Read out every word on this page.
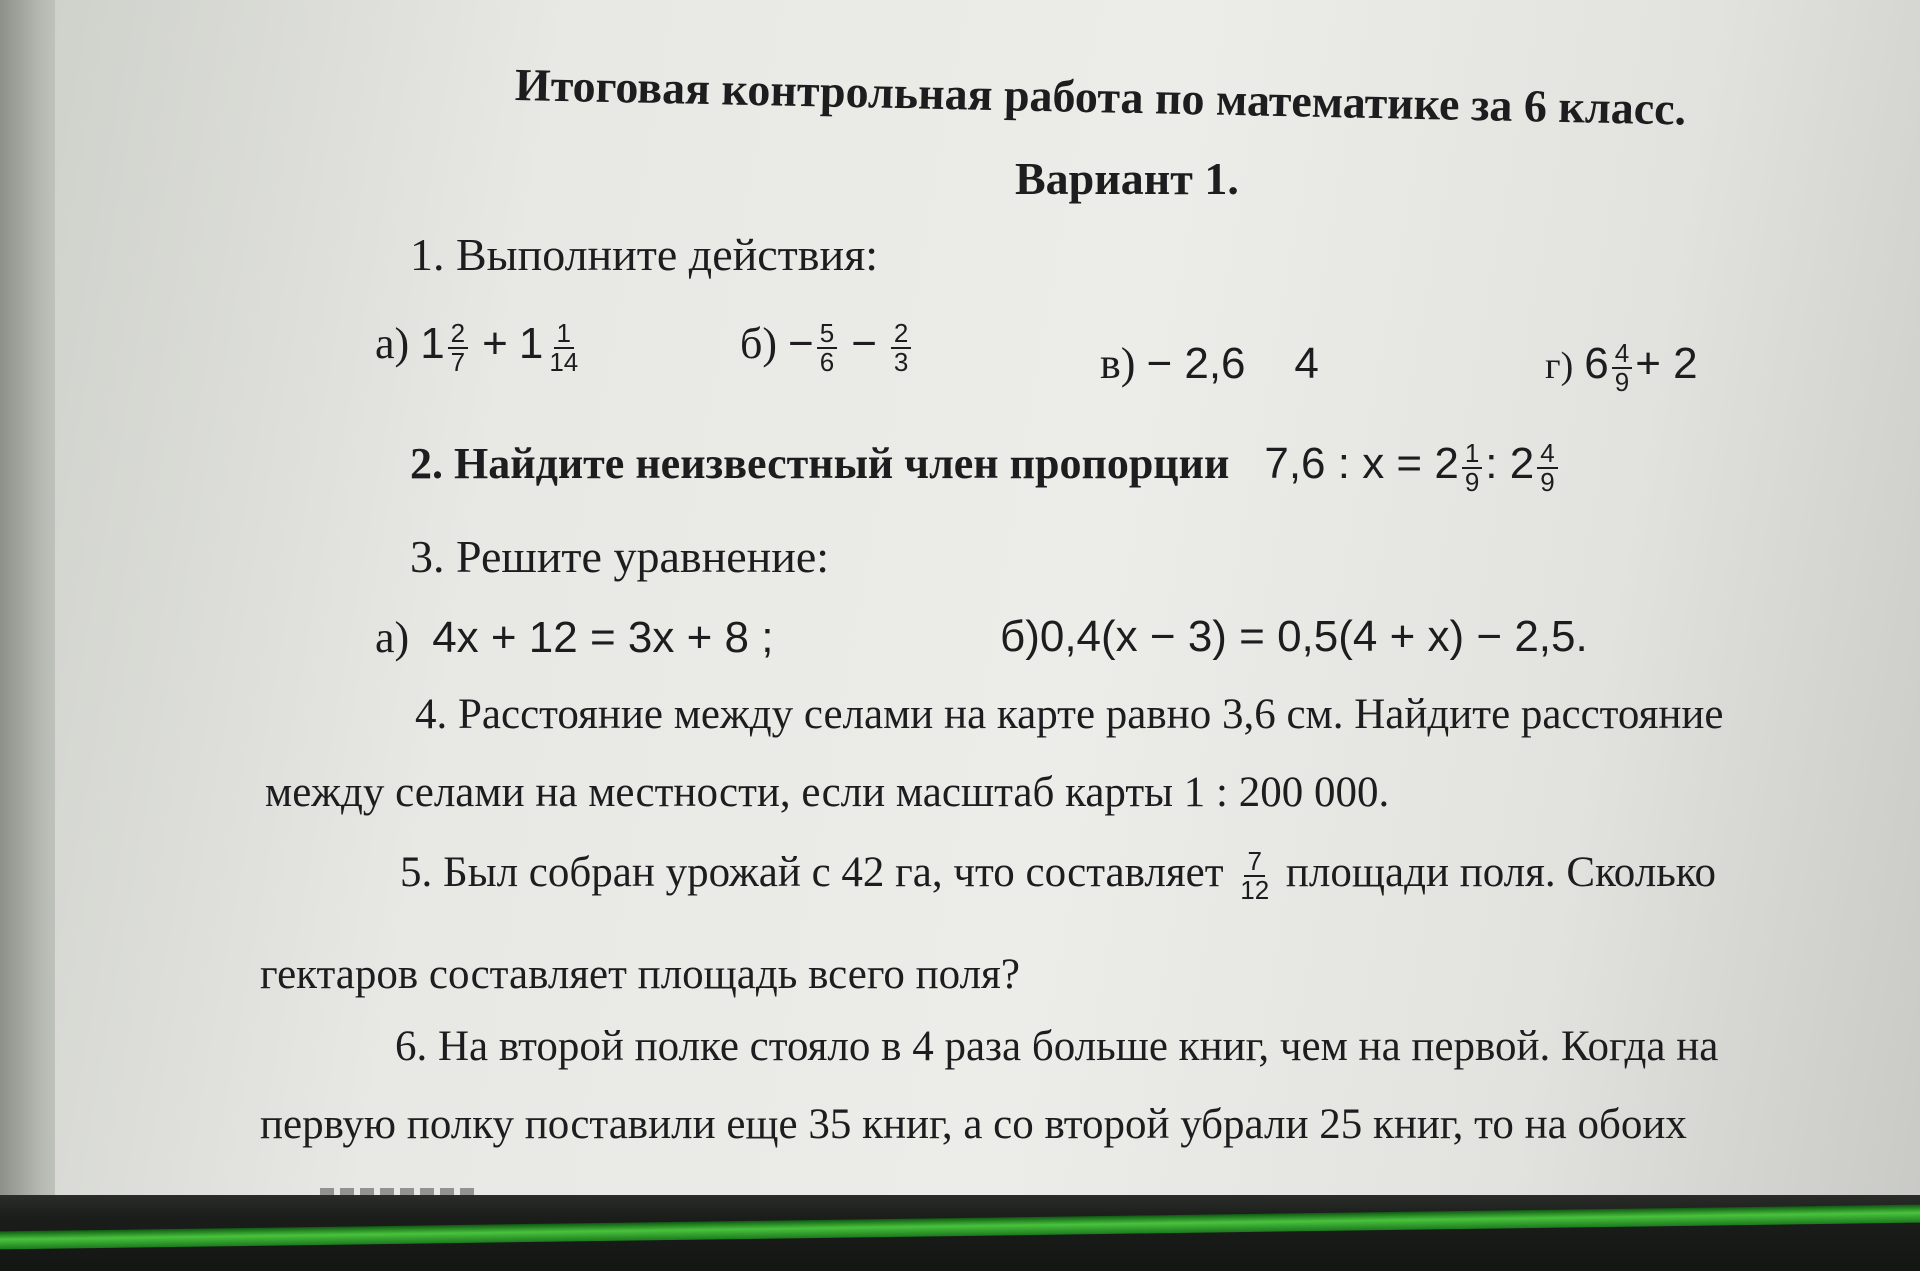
Итоговая контрольная работа по математике за 6 класс.
Вариант 1.
1. Выполните действия:
а) $1 \frac{2}{7} + 1 \frac{1}{14}$	$б) - \frac{5}{6} - \frac{2}{3}$	в) − 2,6    4	г) $6 \frac{4}{9} + 2$
2. Найдите неизвестный член пропорции 7,6 : $x = 2 \frac{1}{9}$ : $2 \frac{4}{9}$
3. Решите уравнение:
а) 4x + 12 = 3x + 8 ;	б)0,4(x − 3) = 0,5(4 + x) − 2,5.
4. Расстояние между селами на карте равно 3,6 см. Найдите расстояние
между селами на местности, если масштаб карты 1 : 200 000.
5. Был собран урожай с 42 га, что составляет $\frac{7}{12}$ площади поля. Сколько
гектаров составляет площадь всего поля?
6. На второй полке стояло в 4 раза больше книг, чем на первой. Когда на
первую полку поставили еще 35 книг, а со второй убрали 25 книг, то на обоих
